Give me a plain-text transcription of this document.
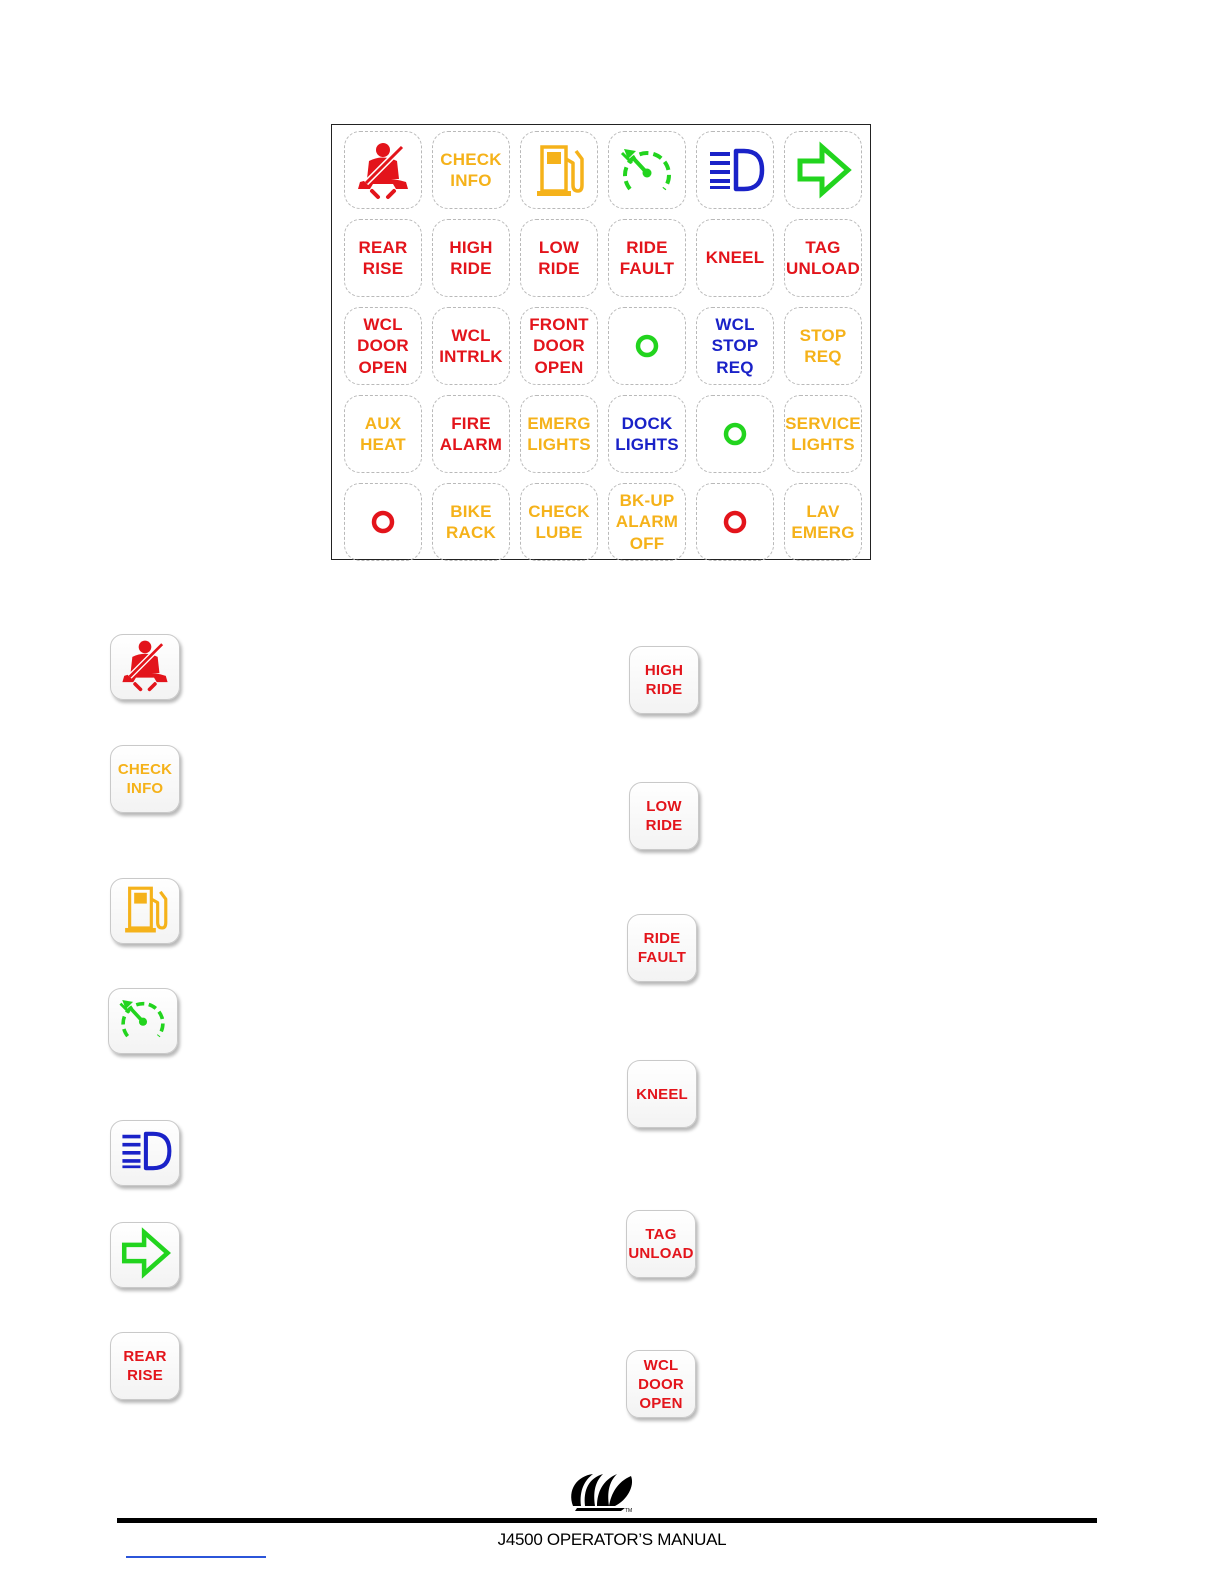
CHECK
INFO
REAR
RISE
HIGH
RIDE
LOW
RIDE
RIDE
FAULT
KNEEL
TAG
UNLOAD
WCL
DOOR
OPEN
WCL
INTRLK
FRONT
DOOR
OPEN
WCL
STOP
REQ
STOP
REQ
AUX
HEAT
FIRE
ALARM
EMERG
LIGHTS
DOCK
LIGHTS
SERVICE
LIGHTS
BIKE
RACK
CHECK
LUBE
BK-UP
ALARM
OFF
LAV
EMERG
CHECK
INFO
REAR
RISE
HIGH
RIDE
LOW
RIDE
RIDE
FAULT
KNEEL
TAG
UNLOAD
WCL
DOOR
OPEN
TM
J4500 OPERATOR’S MANUAL
